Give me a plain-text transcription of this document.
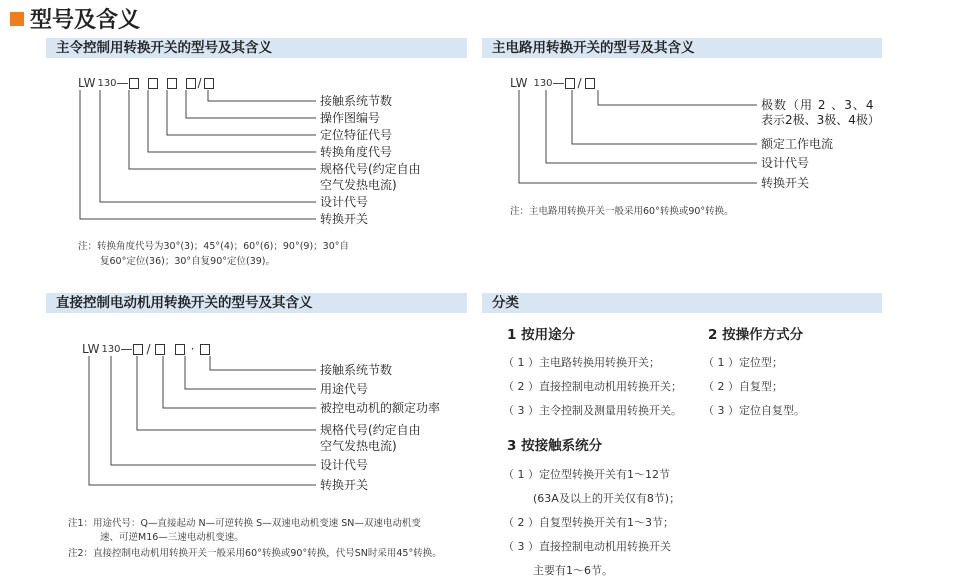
型号及含义
主令控制用转换开关的型号及其含义	主电路用转换开关的型号及其含义
直接控制电动机用转换开关的型号及其含义	分类
LW 130 —	/
接触系统节数
操作图编号
定位特征代号
转换角度代号
规格代号(约定自由
空气发热电流)
设计代号
转换开关
注：转换角度代号为30°(3)；45°(4)；60°(6)；90°(9)；30°自
复60°定位(36)；30°自复90°定位(39)。
LW 130 — /
极数（用 2 、3、4
表示2极、3极、4极）
额定工作电流
设计代号
转换开关
注：主电路用转换开关一般采用60°转换或90°转换。
LW 130 — /	·
接触系统节数
用途代号
被控电动机的额定功率
规格代号(约定自由
空气发热电流)
设计代号
转换开关
注1：用途代号：Q—直接起动 N—可逆转换 S—双速电动机变速 SN—双速电动机变
速、可逆M16—三速电动机变速。
注2：直接控制电动机用转换开关一般采用60°转换或90°转换，代号SN时采用45°转换。
1 按用途分
（ 1 ）主电路转换用转换开关；
（ 2 ）直接控制电动机用转换开关；
（ 3 ）主令控制及测量用转换开关。
2 按操作方式分
（ 1 ）定位型；
（ 2 ）自复型；
（ 3 ）定位自复型。
3 按接触系统分
（ 1 ）定位型转换开关有1～12节
(63A及以上的开关仅有8节)；
（ 2 ）自复型转换开关有1～3节；
（ 3 ）直接控制电动机用转换开关
主要有1～6节。
